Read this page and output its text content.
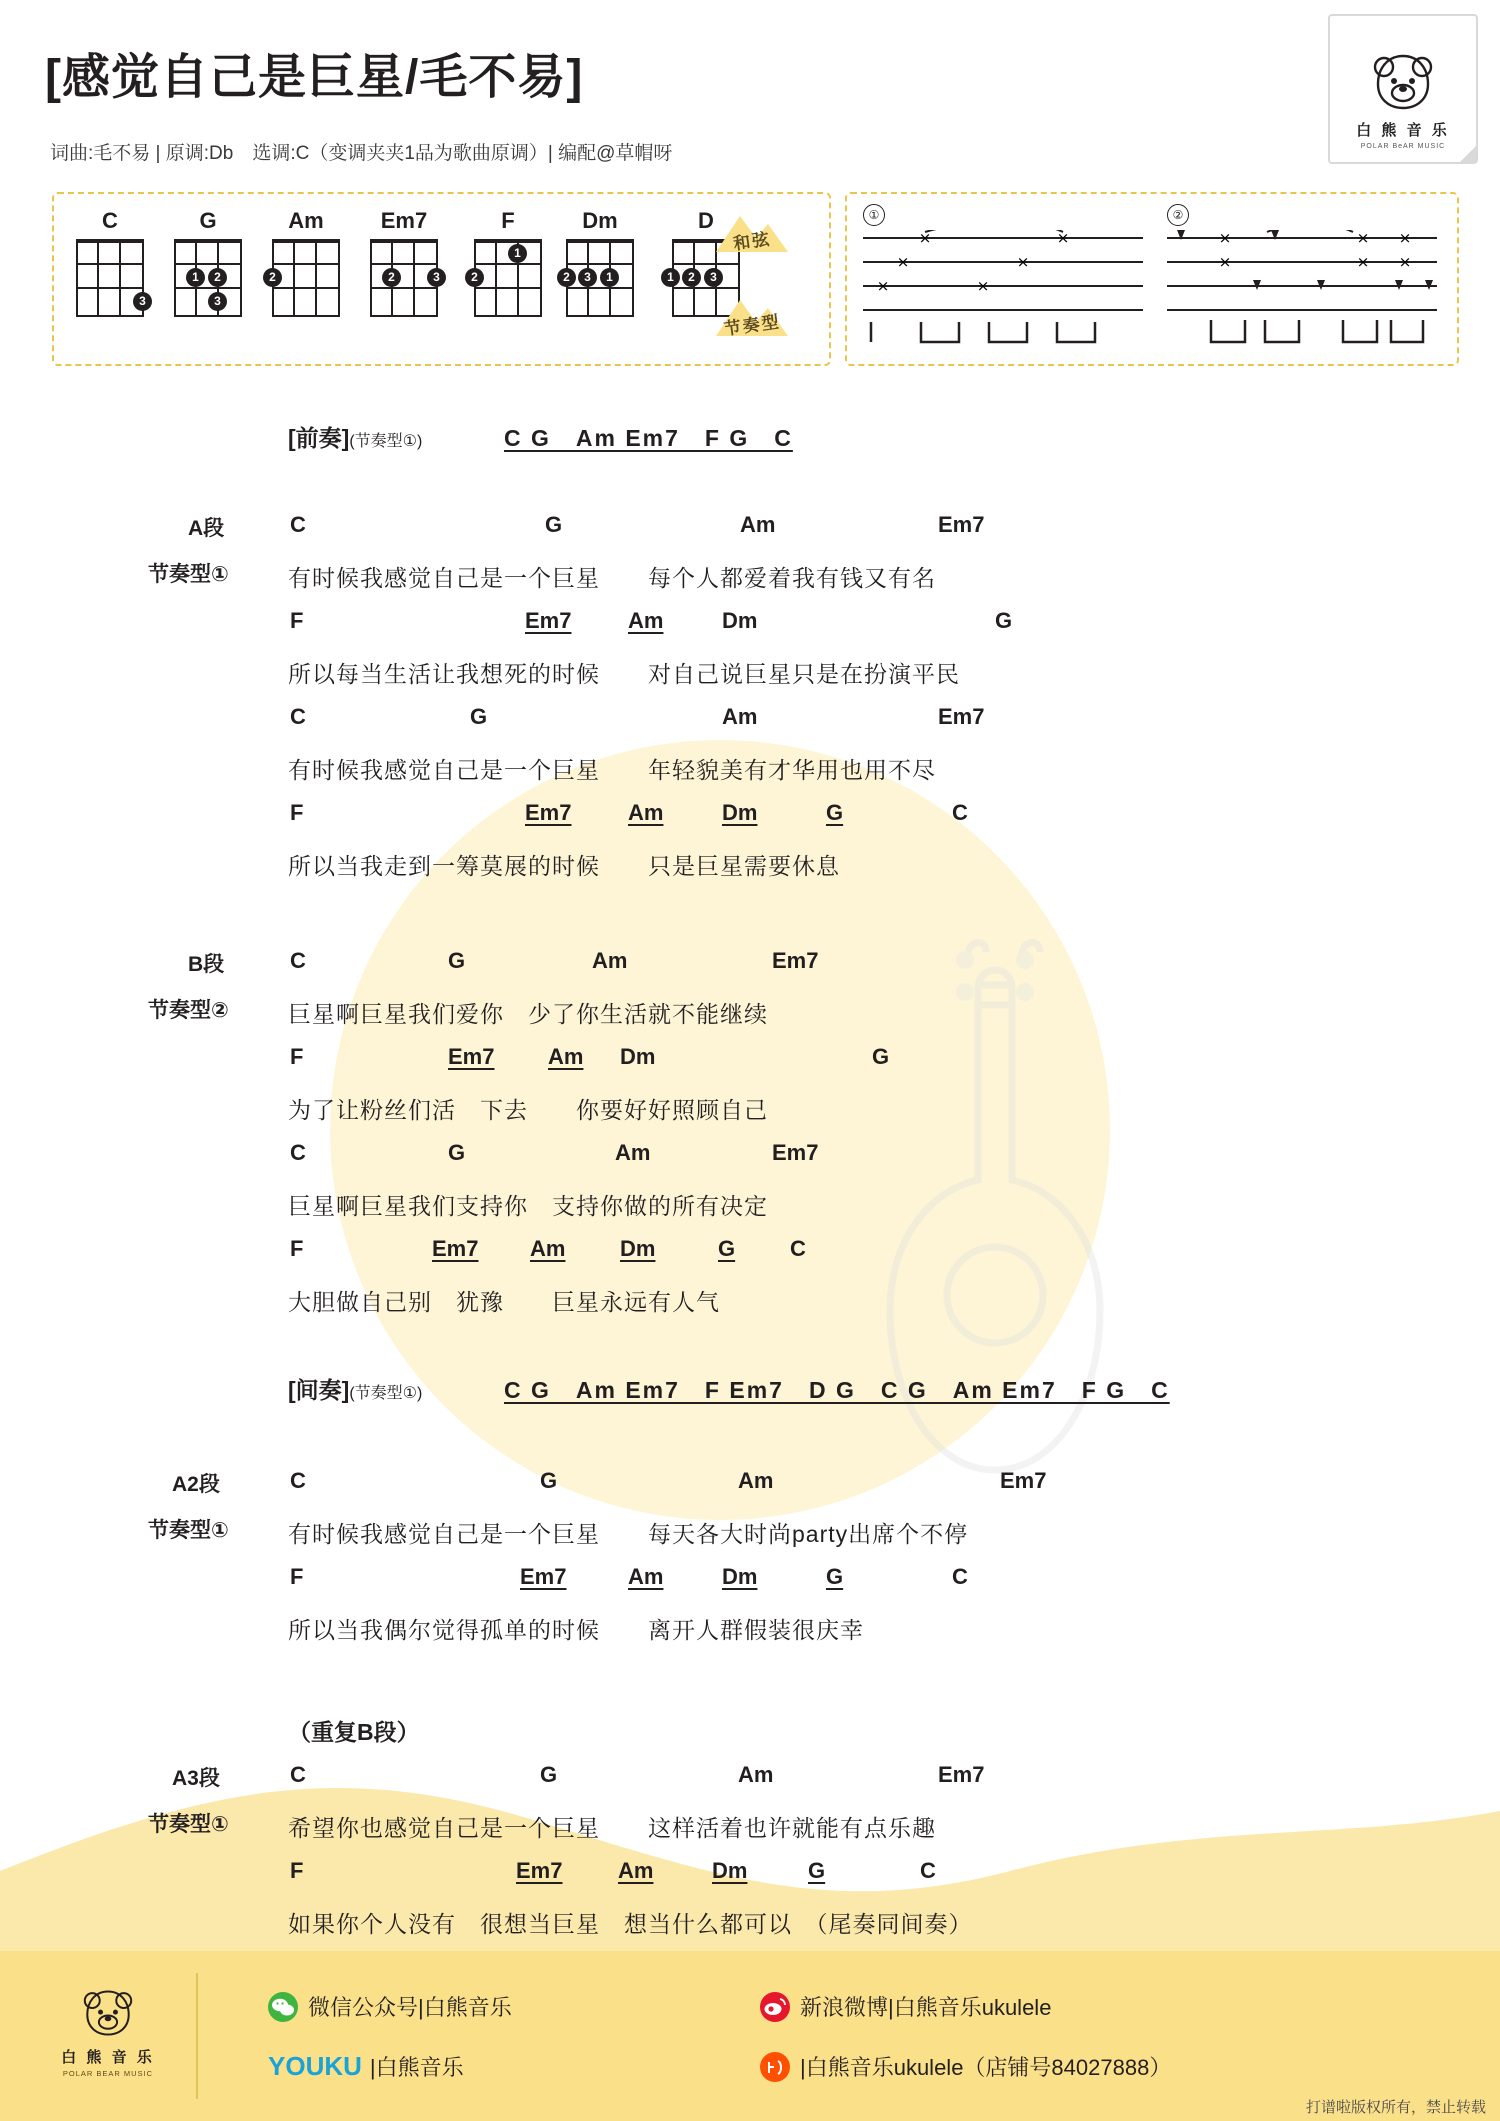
[感觉自己是巨星/毛不易]
词曲:毛不易 | 原调:Db　选调:C（变调夹夹1品为歌曲原调）| 编配@草帽呀
白 熊 音 乐
POLAR BeAR MUSIC
C
3
G
1	2
3
Am
2
Em7
2	3
F
2
1
Dm
2	3	1
D
1	2	3
和弦
节奏型
①
×	×
×	×
×	×
②
×	× ×
×	× ×
[前奏](节奏型①)	C G　Am Em7　F G　C
A段
节奏型①
C	G	Am	Em7
有时候我感觉自己是一个巨星　　每个人都爱着我有钱又有名
F	Em7	Am	Dm	G
所以每当生活让我想死的时候　　对自己说巨星只是在扮演平民
C	G	Am	Em7
有时候我感觉自己是一个巨星　　年轻貌美有才华用也用不尽
F	Em7	Am	Dm	G	C
所以当我走到一筹莫展的时候　　只是巨星需要休息
B段
节奏型②
C	G	Am	Em7
巨星啊巨星我们爱你　少了你生活就不能继续
F	Em7 Am Dm	G
为了让粉丝们活　下去　　你要好好照顾自己
C	G	Am	Em7
巨星啊巨星我们支持你　支持你做的所有决定
F	Em7 Am Dm	G C
大胆做自己别　犹豫　　巨星永远有人气
[间奏](节奏型①)	C G　Am Em7　F Em7　D G　C G　Am Em7　F G　C
A2段
节奏型①
C	G	Am	Em7
有时候我感觉自己是一个巨星　　每天各大时尚party出席个不停
F	Em7	Am	Dm	G	C
所以当我偶尔觉得孤单的时候　　离开人群假装很庆幸
（重复B段）
A3段
节奏型①
C	G	Am	Em7
希望你也感觉自己是一个巨星　　这样活着也许就能有点乐趣
F	Em7	Am	Dm	G	C
如果你个人没有　很想当巨星　想当什么都可以　（尾奏同间奏）
白 熊 音 乐
POLAR BEAR MUSIC
微信公众号|白熊音乐	新浪微博|白熊音乐ukulele
YOUKU |白熊音乐	|白熊音乐ukulele（店铺号84027888）
打谱啦版权所有，禁止转载
